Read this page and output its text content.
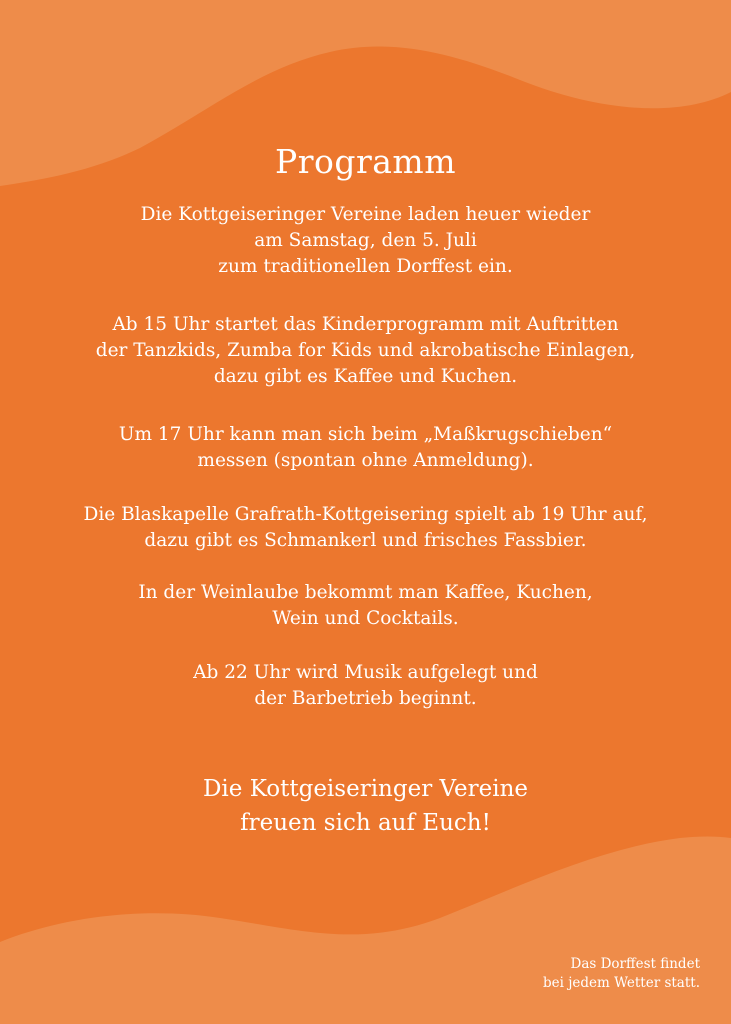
Programm

Die Kottgeiseringer Vereine laden heuer wieder
am Samstag, den 5. Juli
zum traditionellen Dorffest ein.

Ab 15 Uhr startet das Kinderprogramm mit Auftritten
der Tanzkids, Zumba for Kids und akrobatische Einlagen,
dazu gibt es Kaffee und Kuchen.

Um 17 Uhr kann man sich beim „Maßkrugschieben“
messen (spontan ohne Anmeldung).

Die Blaskapelle Grafrath-Kottgeisering spielt ab 19 Uhr auf,
dazu gibt es Schmankerl und frisches Fassbier.

In der Weinlaube bekommt man Kaffee, Kuchen,
Wein und Cocktails.

Ab 22 Uhr wird Musik aufgelegt und
der Barbetrieb beginnt.

Die Kottgeiseringer Vereine
freuen sich auf Euch!

Das Dorffest findet
bei jedem Wetter statt.
